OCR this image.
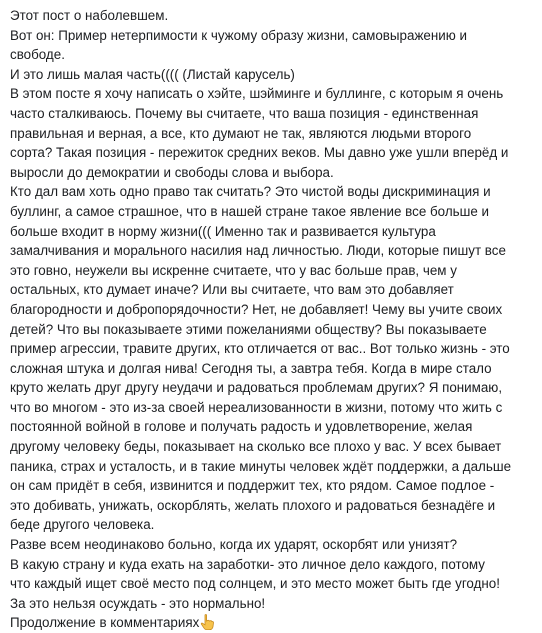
Этот пост о наболевшем.
Вот он: Пример нетерпимости к чужому образу жизни, самовыражению и
свободе.
И это лишь малая часть(((( (Листай карусель)
В этом посте я хочу написать о хэйте, шэйминге и буллинге, с которым я очень
часто сталкиваюсь. Почему вы считаете, что ваша позиция - единственная
правильная и верная, а все, кто думают не так, являются людьми второго
сорта? Такая позиция - пережиток средних веков. Мы давно уже ушли вперёд и
выросли до демократии и свободы слова и выбора.
Кто дал вам хоть одно право так считать? Это чистой воды дискриминация и
буллинг, а самое страшное, что в нашей стране такое явление все больше и
больше входит в норму жизни((( Именно так и развивается культура
замалчивания и морального насилия над личностью. Люди, которые пишут все
это говно, неужели вы искренне считаете, что у вас больше прав, чем у
остальных, кто думает иначе? Или вы считаете, что вам это добавляет
благородности и добропорядочности? Нет, не добавляет! Чему вы учите своих
детей? Что вы показываете этими пожеланиями обществу? Вы показываете
пример агрессии, травите других, кто отличается от вас.. Вот только жизнь - это
сложная штука и долгая нива! Сегодня ты, а завтра тебя. Когда в мире стало
круто желать друг другу неудачи и радоваться проблемам других? Я понимаю,
что во многом - это из-за своей нереализованности в жизни, потому что жить с
постоянной войной в голове и получать радость и удовлетворение, желая
другому человеку беды, показывает на сколько все плохо у вас. У всех бывает
паника, страх и усталость, и в такие минуты человек ждёт поддержки, а дальше
он сам придёт в себя, извинится и поддержит тех, кто рядом. Самое подлое -
это добивать, унижать, оскорблять, желать плохого и радоваться безнадёге и
беде другого человека.
Разве всем неодинаково больно, когда их ударят, оскорбят или унизят?
В какую страну и куда ехать на заработки- это личное дело каждого, потому
что каждый ищет своё место под солнцем, и это место может быть где угодно!
За это нельзя осуждать - это нормально!
Продолжение в комментариях
